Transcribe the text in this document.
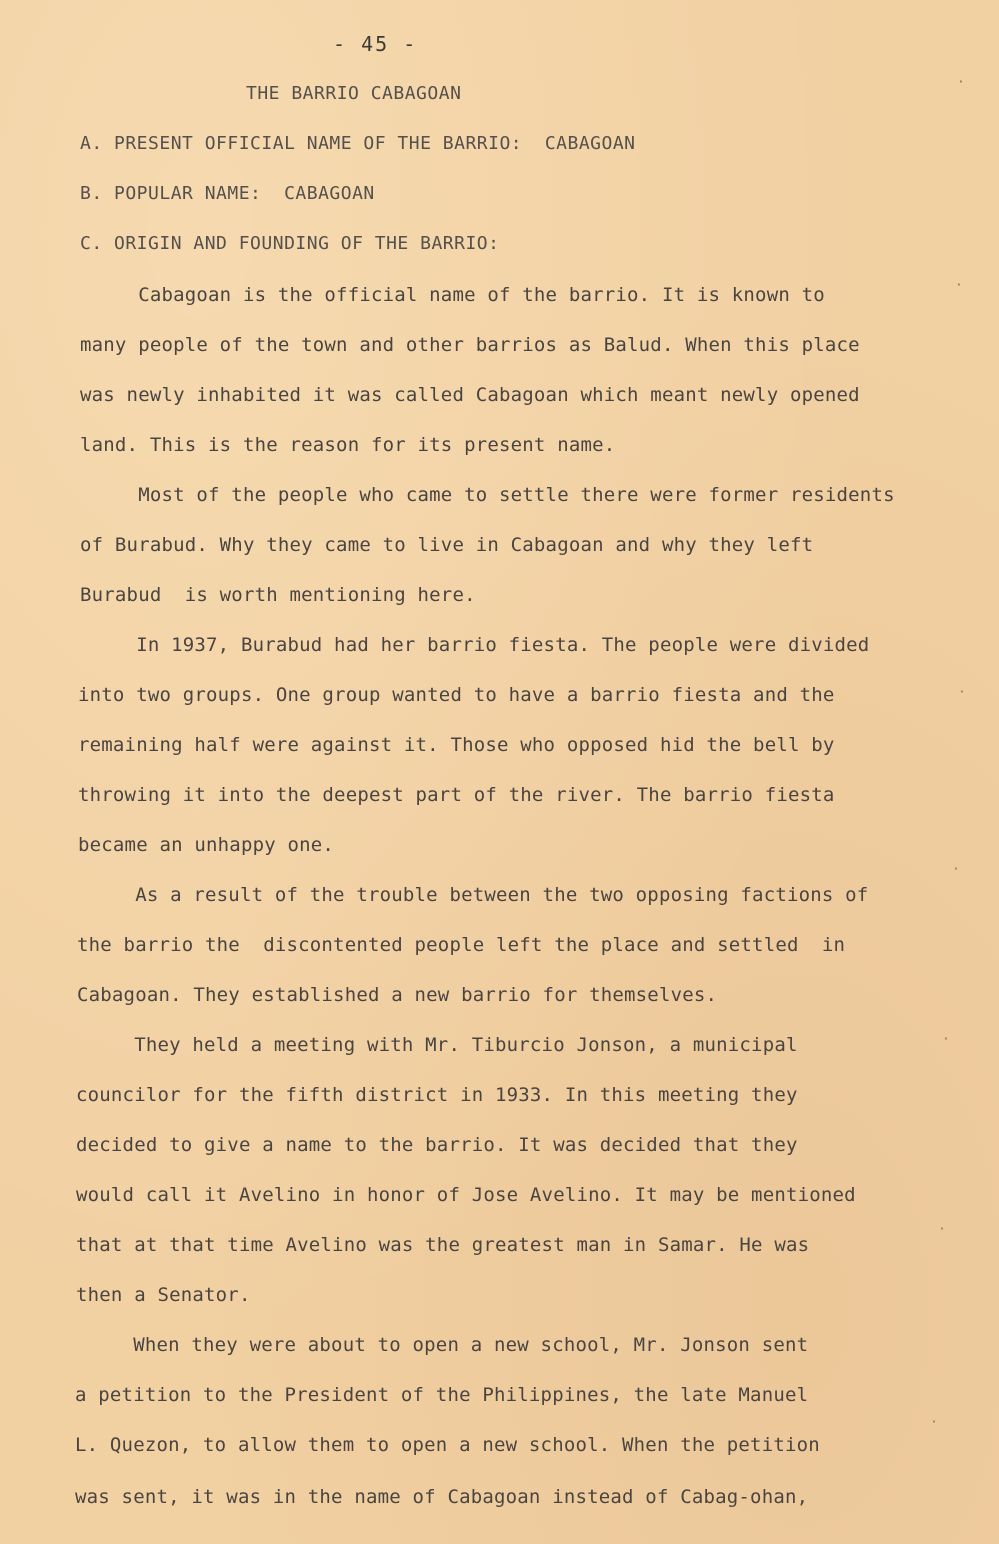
- 45 -
THE BARRIO CABAGOAN
A. PRESENT OFFICIAL NAME OF THE BARRIO:  CABAGOAN
B. POPULAR NAME:  CABAGOAN
C. ORIGIN AND FOUNDING OF THE BARRIO:
Cabagoan is the official name of the barrio. It is known to
many people of the town and other barrios as Balud. When this place
was newly inhabited it was called Cabagoan which meant newly opened
land. This is the reason for its present name.
Most of the people who came to settle there were former residents
of Burabud. Why they came to live in Cabagoan and why they left
Burabud  is worth mentioning here.
In 1937, Burabud had her barrio fiesta. The people were divided
into two groups. One group wanted to have a barrio fiesta and the
remaining half were against it. Those who opposed hid the bell by
throwing it into the deepest part of the river. The barrio fiesta
became an unhappy one.
As a result of the trouble between the two opposing factions of
the barrio the  discontented people left the place and settled  in
Cabagoan. They established a new barrio for themselves.
They held a meeting with Mr. Tiburcio Jonson, a municipal
councilor for the fifth district in 1933. In this meeting they
decided to give a name to the barrio. It was decided that they
would call it Avelino in honor of Jose Avelino. It may be mentioned
that at that time Avelino was the greatest man in Samar. He was
then a Senator.
When they were about to open a new school, Mr. Jonson sent
a petition to the President of the Philippines, the late Manuel
L. Quezon, to allow them to open a new school. When the petition
was sent, it was in the name of Cabagoan instead of Cabag-ohan,
·
·
·
·
·
·
·
